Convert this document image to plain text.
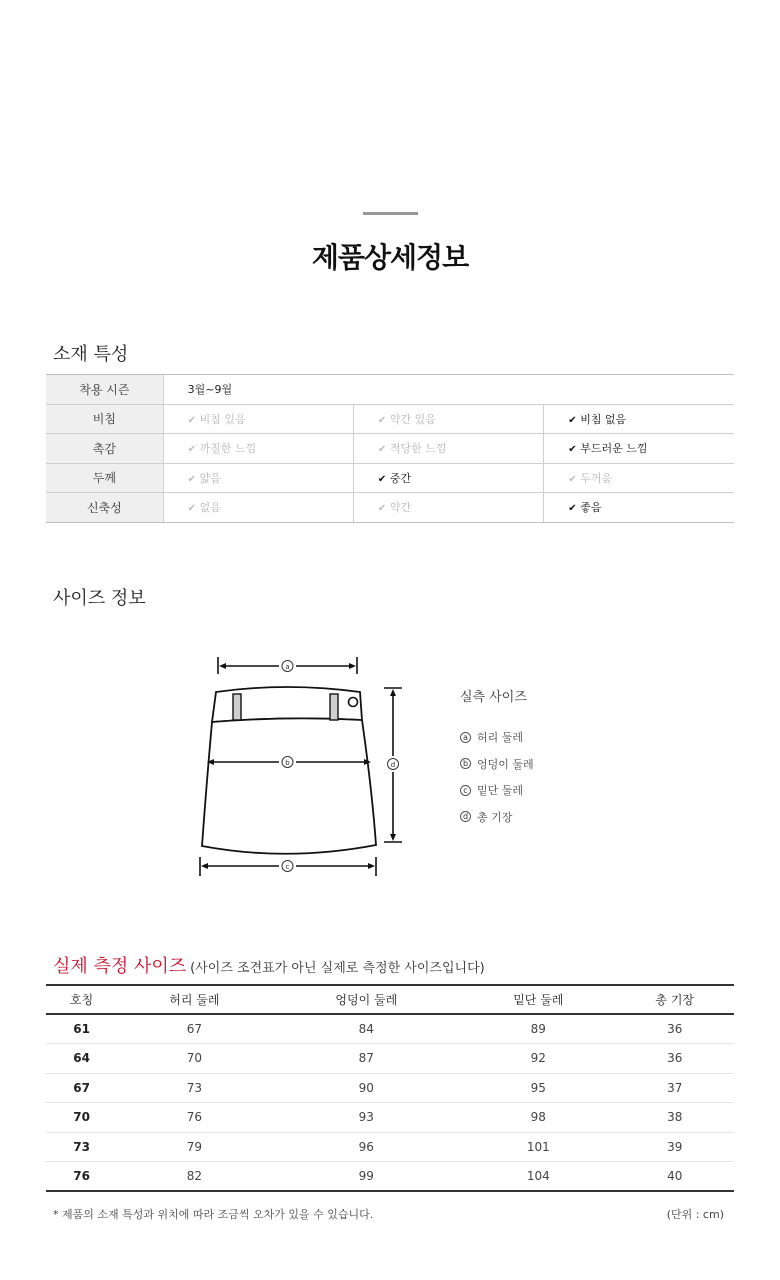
제품상세정보
소재 특성
착용 시즌	3월~9월		
비침	✔ 비침 있음	✔ 약간 있음	✔ 비침 없음
촉감	✔ 까칠한 느낌	✔ 적당한 느낌	✔ 부드러운 느낌
두께	✔ 얇음	✔ 중간	✔ 두꺼움
신축성	✔ 없음	✔ 약간	✔ 좋음
사이즈 정보
a
b	d
c
실측 사이즈
a 허리 둘레
b 엉덩이 둘레
c 밑단 둘레
d 총 기장
실제 측정 사이즈 (사이즈 조견표가 아닌 실제로 측정한 사이즈입니다)
호칭	허리 둘레	엉덩이 둘레	밑단 둘레	총 기장
61	67	84	89	36
64	70	87	92	36
67	73	90	95	37
70	76	93	98	38
73	79	96	101	39
76	82	99	104	40
* 제품의 소재 특성과 위치에 따라 조금씩 오차가 있을 수 있습니다.	(단위 : cm)
